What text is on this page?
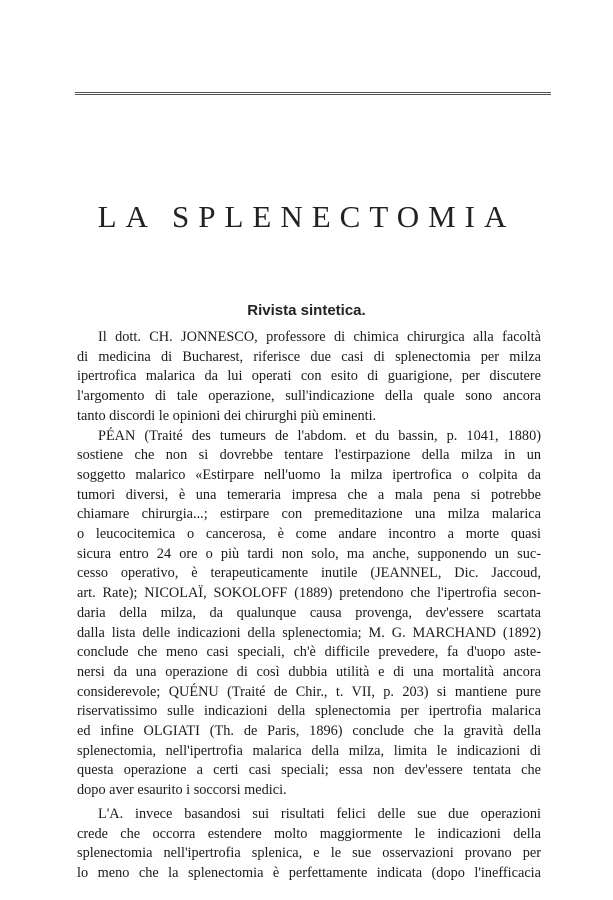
LA SPLENECTOMIA
Rivista sintetica.
Il dott. CH. JONNESCO, professore di chimica chirurgica alla facoltà
di medicina di Bucharest, riferisce due casi di splenectomia per milza
ipertrofica malarica da lui operati con esito di guarigione, per discutere
l'argomento di tale operazione, sull'indicazione della quale sono ancora
tanto discordi le opinioni dei chirurghi più eminenti.
PÉAN (Traité des tumeurs de l'abdom. et du bassin, p. 1041, 1880)
sostiene che non si dovrebbe tentare l'estirpazione della milza in un
soggetto malarico «Estirpare nell'uomo la milza ipertrofica o colpita da
tumori diversi, è una temeraria impresa che a mala pena si potrebbe
chiamare chirurgia...; estirpare con premeditazione una milza malarica
o leucocitemica o cancerosa, è come andare incontro a morte quasi
sicura entro 24 ore o più tardi non solo, ma anche, supponendo un suc-
cesso operativo, è terapeuticamente inutile (JEANNEL, Dic. Jaccoud,
art. Rate); NICOLAÏ, SOKOLOFF (1889) pretendono che l'ipertrofia secon-
daria della milza, da qualunque causa provenga, dev'essere scartata
dalla lista delle indicazioni della splenectomia; M. G. MARCHAND (1892)
conclude che meno casi speciali, ch'è difficile prevedere, fa d'uopo aste-
nersi da una operazione di così dubbia utilità e di una mortalità ancora
considerevole; QUÉNU (Traité de Chir., t. VII, p. 203) si mantiene pure
riservatissimo sulle indicazioni della splenectomia per ipertrofia malarica
ed infine OLGIATI (Th. de Paris, 1896) conclude che la gravità della
splenectomia, nell'ipertrofia malarica della milza, limita le indicazioni di
questa operazione a certi casi speciali; essa non dev'essere tentata che
dopo aver esaurito i soccorsi medici.
L'A. invece basandosi sui risultati felici delle sue due operazioni
crede che occorra estendere molto maggiormente le indicazioni della
splenectomia nell'ipertrofia splenica, e le sue osservazioni provano per
lo meno che la splenectomia è perfettamente indicata (dopo l'inefficacia
